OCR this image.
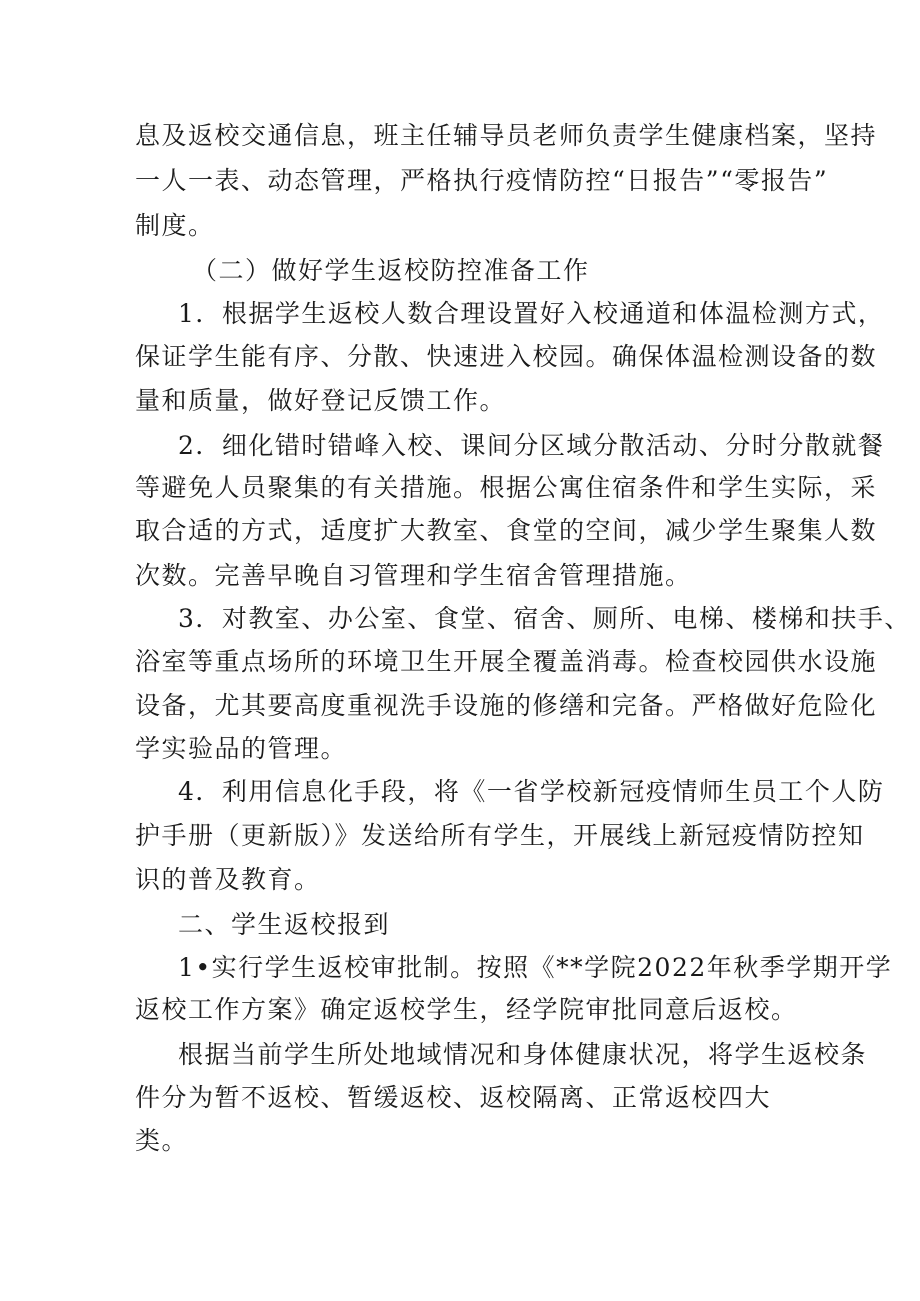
息及返校交通信息，班主任辅导员老师负责学生健康档案，坚持
一人一表、动态管理，严格执行疫情防控“日报告”“零报告”
制度。
（二）做好学生返校防控准备工作
1．根据学生返校人数合理设置好入校通道和体温检测方式，
保证学生能有序、分散、快速进入校园。确保体温检测设备的数
量和质量，做好登记反馈工作。
2．细化错时错峰入校、课间分区域分散活动、分时分散就餐
等避免人员聚集的有关措施。根据公寓住宿条件和学生实际，采
取合适的方式，适度扩大教室、食堂的空间，减少学生聚集人数
次数。完善早晚自习管理和学生宿舍管理措施。
3．对教室、办公室、食堂、宿舍、厕所、电梯、楼梯和扶手、
浴室等重点场所的环境卫生开展全覆盖消毒。检查校园供水设施
设备，尤其要高度重视洗手设施的修缮和完备。严格做好危险化
学实验品的管理。
4．利用信息化手段，将《一省学校新冠疫情师生员工个人防
护手册（更新版）》发送给所有学生，开展线上新冠疫情防控知
识的普及教育。
二、学生返校报到
1•实行学生返校审批制。按照《**学院2022年秋季学期开学
返校工作方案》确定返校学生，经学院审批同意后返校。
根据当前学生所处地域情况和身体健康状况，将学生返校条
件分为暂不返校、暂缓返校、返校隔离、正常返校四大
类。
